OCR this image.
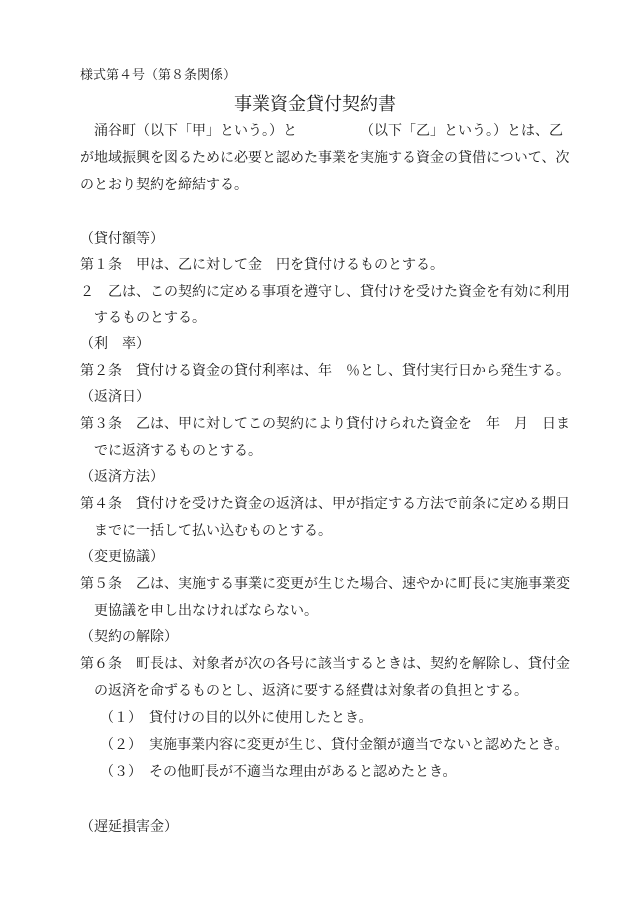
様式第４号（第８条関係）
事業資金貸付契約書
　涌谷町（以下「甲」という。）と　　　　　（以下「乙」という。）とは、乙
が地域振興を図るために必要と認めた事業を実施する資金の貸借について、次
のとおり契約を締結する。
（貸付額等）
第１条　甲は、乙に対して金　円を貸付けるものとする。
２　乙は、この契約に定める事項を遵守し、貸付けを受けた資金を有効に利用
するものとする。
（利　率）
第２条　貸付ける資金の貸付利率は、年　％とし、貸付実行日から発生する。
（返済日）
第３条　乙は、甲に対してこの契約により貸付けられた資金を　年　月　日ま
でに返済するものとする。
（返済方法）
第４条　貸付けを受けた資金の返済は、甲が指定する方法で前条に定める期日
までに一括して払い込むものとする。
（変更協議）
第５条　乙は、実施する事業に変更が生じた場合、速やかに町長に実施事業変
更協議を申し出なければならない。
（契約の解除）
第６条　町長は、対象者が次の各号に該当するときは、契約を解除し、貸付金
の返済を命ずるものとし、返済に要する経費は対象者の負担とする。
（１）　貸付けの目的以外に使用したとき。
（２）　実施事業内容に変更が生じ、貸付金額が適当でないと認めたとき。
（３）　その他町長が不適当な理由があると認めたとき。
（遅延損害金）
